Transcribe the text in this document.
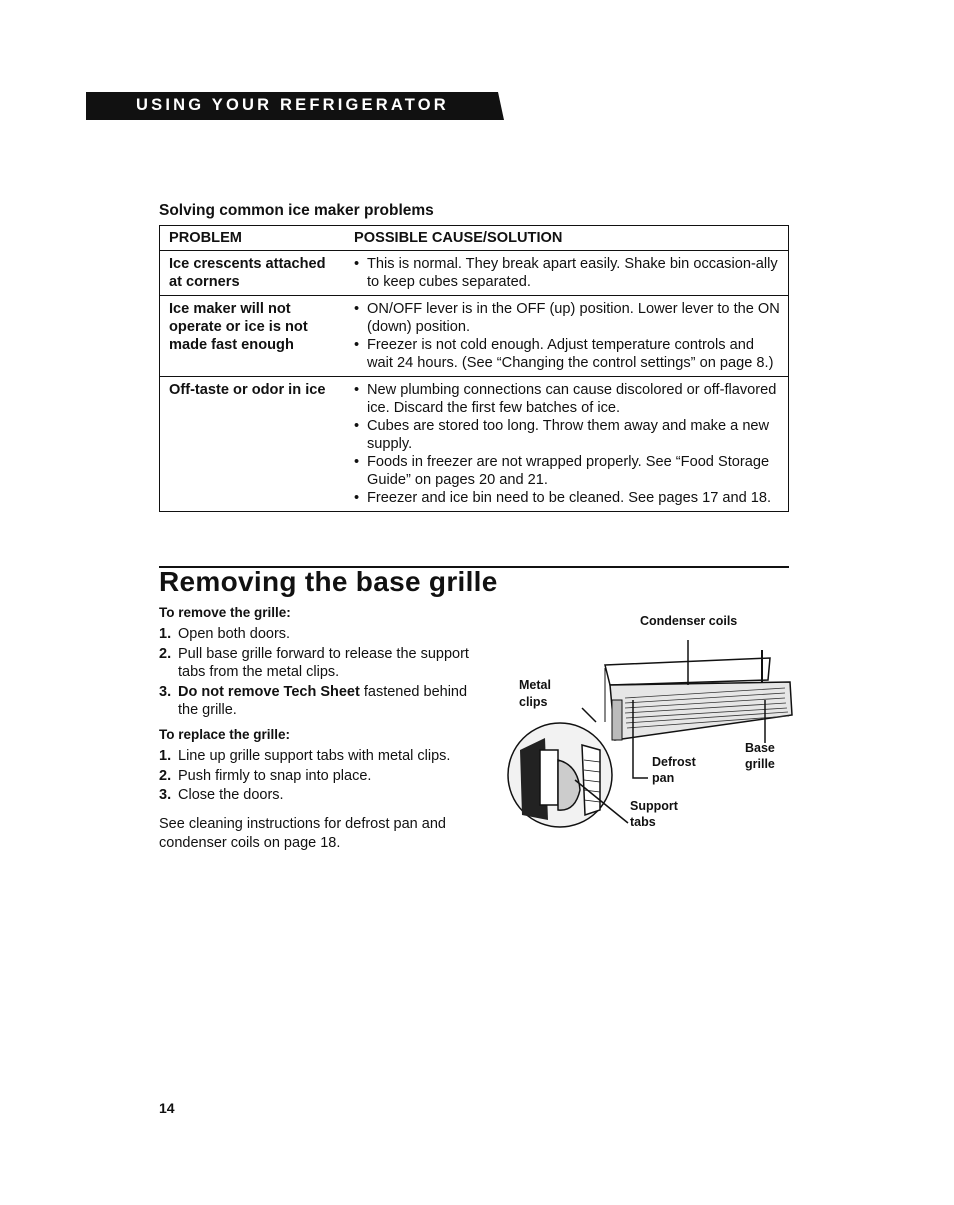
USING YOUR REFRIGERATOR
Solving common ice maker problems
PROBLEM	POSSIBLE CAUSE/SOLUTION
Ice crescents attached at corners	• This is normal. They break apart easily. Shake bin occasion-ally to keep cubes separated.

Ice maker will not operate or ice is not made fast enough	• ON/OFF lever is in the OFF (up) position. Lower lever to the ON (down) position.
• Freezer is not cold enough. Adjust temperature controls and wait 24 hours. (See “Changing the control settings” on page 8.)

Off-taste or odor in ice	• New plumbing connections can cause discolored or off-flavored ice. Discard the first few batches of ice.
• Cubes are stored too long. Throw them away and make a new supply.
• Foods in freezer are not wrapped properly. See “Food Storage Guide” on pages 20 and 21.
• Freezer and ice bin need to be cleaned. See pages 17 and 18.
Removing the base grille
To remove the grille:
1. Open both doors.
2. Pull base grille forward to release the support tabs from the metal clips.
3. Do not remove Tech Sheet fastened behind the grille.
To replace the grille:
1. Line up grille support tabs with metal clips.
2. Push firmly to snap into place.
3. Close the doors.
See cleaning instructions for defrost pan and condenser coils on page 18.
Condenser coils
Metal
clips
Base
grille
Defrost
pan
Support
tabs
14
